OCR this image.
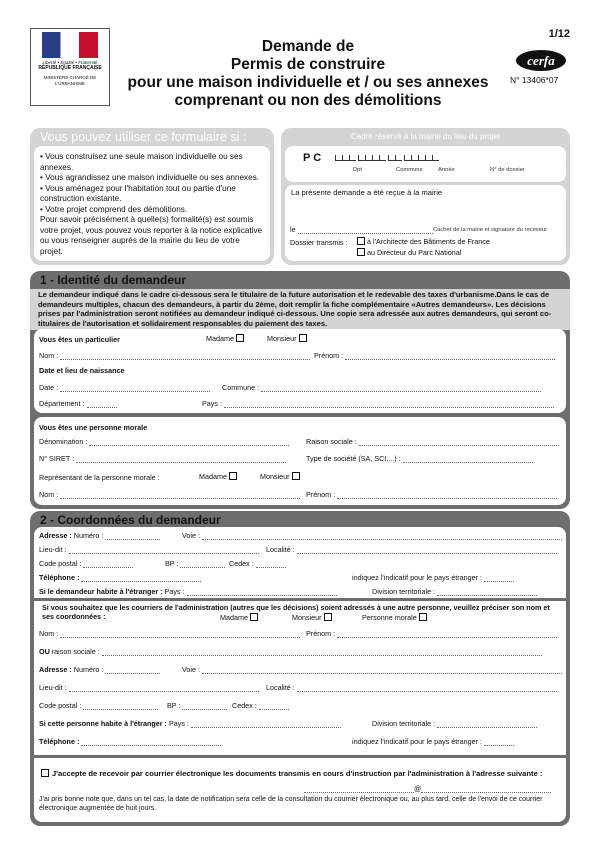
Liberté • Égalité • Fraternité
RÉPUBLIQUE FRANÇAISE
MINISTÈRE CHARGÉ DE L'URBANISME
1/12
Demande de
Permis de construire
pour une maison individuelle et / ou ses annexes
comprenant ou non des démolitions
cerfa
N° 13406*07
Vous pouvez utiliser ce formulaire si :
• Vous construisez une seule maison individuelle ou ses annexes.
• Vous agrandissez une maison individuelle ou ses annexes.
• Vous aménagez pour l'habitation tout ou partie d'une construction existante.
• Votre projet comprend des démolitions.
Pour savoir précisément à quelle(s) formalité(s) est soumis votre projet, vous pouvez vous reporter à la notice explicative ou vous renseigner auprès de la mairie du lieu de votre projet.
Cadre réservé à la mairie du lieu du projet
P C

Dpt	Commune	Année	N° de dossier
La présente demande a été reçue à la mairie
le	Cachet de la mairie et signature du receveur
Dossier transmis :	à l'Architecte des Bâtiments de France
au Directeur du Parc National
1 - Identité du demandeur
Le demandeur indiqué dans le cadre ci-dessous sera le titulaire de la future autorisation et le redevable des taxes d'urbanisme.Dans le cas de demandeurs multiples, chacun des demandeurs, à partir du 2ème, doit remplir la fiche complémentaire «Autres demandeurs». Les décisions prises par l'administration seront notifiées au demandeur indiqué ci-dessous. Une copie sera adressée aux autres demandeurs, qui seront co-titulaires de l'autorisation et solidairement responsables du paiement des taxes.
Vous êtes un particulier	Madame	Monsieur
Nom :	Prénom :
Date et lieu de naissance
Date :	Commune :
Département :	Pays :
Vous êtes une personne morale
Dénomination :	Raison sociale :
N° SIRET :	Type de société (SA, SCI,...) :
Représentant de la personne morale :	Madame	Monsieur
Nom :	Prénom :
2 - Coordonnées du demandeur
Adresse : Numéro :	Voie :
Lieu-dit :	Localité :
Code postal :	BP :	Cedex :
Téléphone :	indiquez l'indicatif pour le pays étranger :
Si le demandeur habite à l'étranger : Pays :	Division territoriale :
Si vous souhaitez que les courriers de l'administration (autres que les décisions) soient adressés à une autre personne, veuillez préciser son nom et ses coordonnées :	Madame	Monsieur	Personne morale
Nom :	Prénom :
OU raison sociale :
Adresse : Numéro :	Voie :
Lieu-dit :	Localité :
Code postal :	BP :	Cedex :
Si cette personne habite à l'étranger : Pays :	Division territoriale :
Téléphone :	indiquez l'indicatif pour le pays étranger :
J'accepte de recevoir par courrier électronique les documents transmis en cours d'instruction par l'administration à l'adresse suivante :
@
J'ai pris bonne note que, dans un tel cas, la date de notification sera celle de la consultation du courrier électronique ou, au plus tard, celle de l'envoi de ce courrier électronique augmentée de huit jours.
